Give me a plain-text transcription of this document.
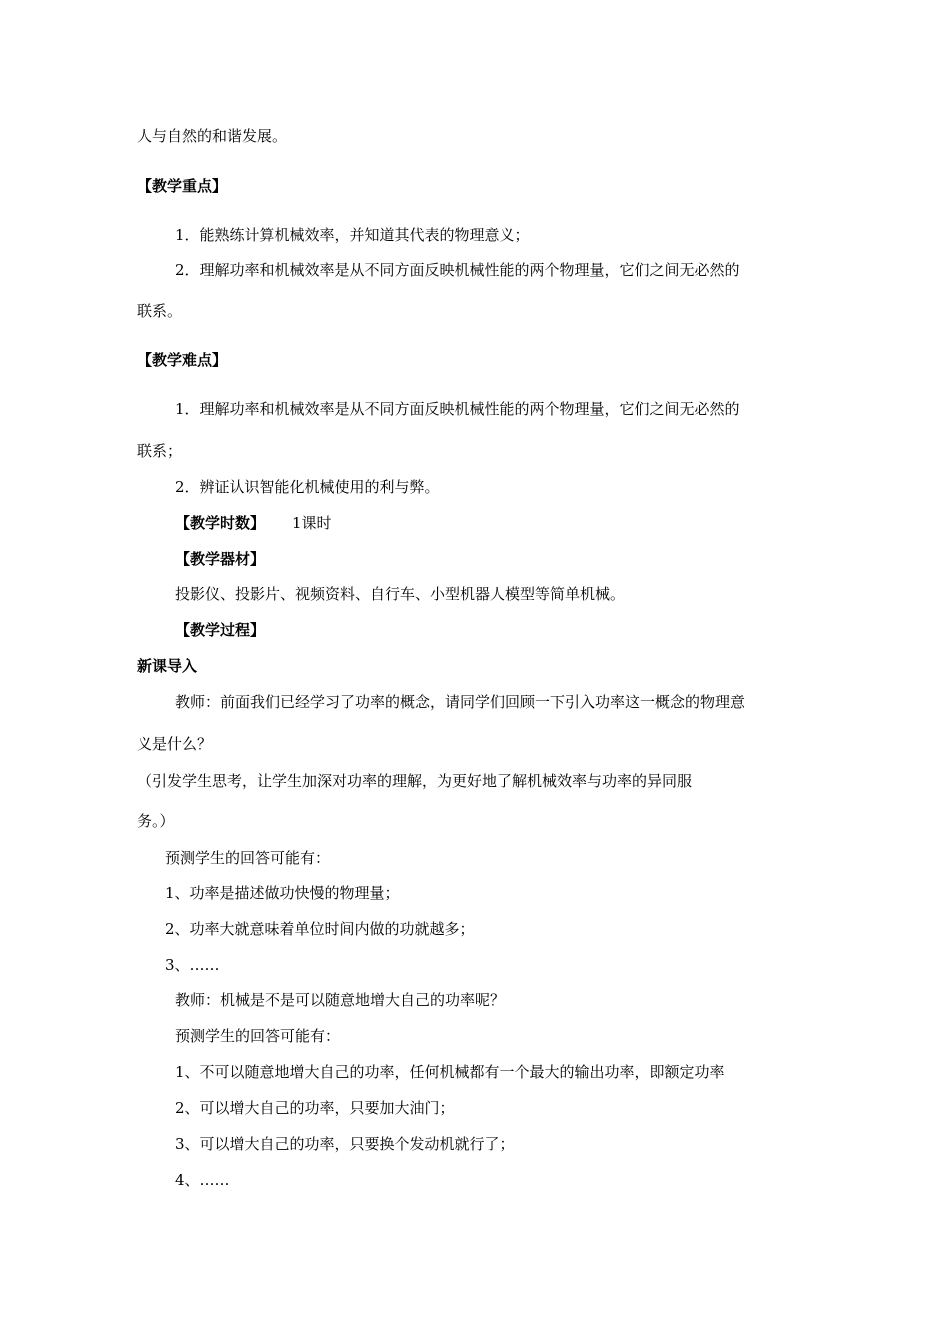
人与自然的和谐发展。
【教学重点】
1．能熟练计算机械效率，并知道其代表的物理意义；
2．理解功率和机械效率是从不同方面反映机械性能的两个物理量，它们之间无必然的
联系。
【教学难点】
1．理解功率和机械效率是从不同方面反映机械性能的两个物理量，它们之间无必然的
联系；
2．辨证认识智能化机械使用的利与弊。
【教学时数】 1课时
【教学器材】
投影仪、投影片、视频资料、自行车、小型机器人模型等简单机械。
【教学过程】
新课导入
教师：前面我们已经学习了功率的概念，请同学们回顾一下引入功率这一概念的物理意
义是什么？
（引发学生思考，让学生加深对功率的理解，为更好地了解机械效率与功率的异同服
务。）
预测学生的回答可能有：
1、功率是描述做功快慢的物理量；
2、功率大就意味着单位时间内做的功就越多；
3、……
教师：机械是不是可以随意地增大自己的功率呢？
预测学生的回答可能有：
1、不可以随意地增大自己的功率，任何机械都有一个最大的输出功率，即额定功率
2、可以增大自己的功率，只要加大油门；
3、可以增大自己的功率，只要换个发动机就行了；
4、……
